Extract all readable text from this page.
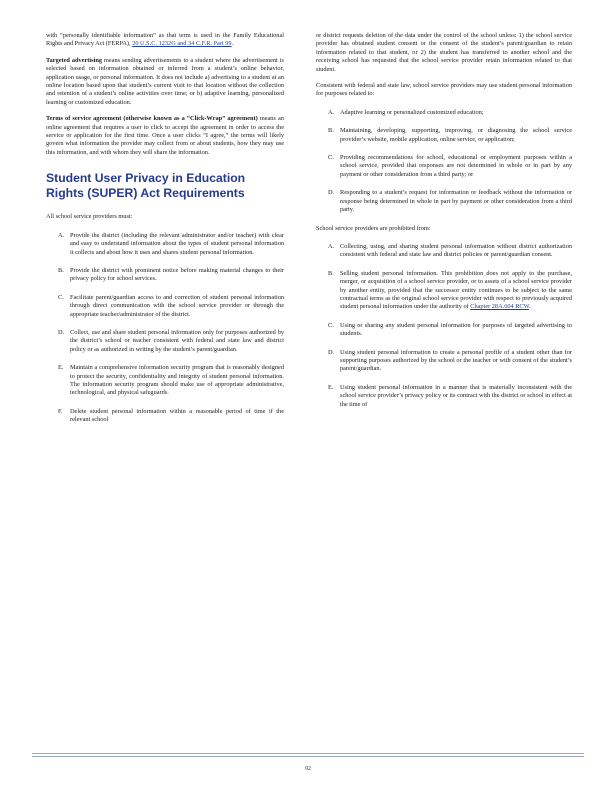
with “personally identifiable information” as that term is used in the Family Educational Rights and Privacy Act (FERPA), 20 U.S.C. 1232G and 34 C.F.R. Part 99.

Targeted advertising means sending advertisements to a student where the advertisement is selected based on information obtained or inferred from a student’s online behavior, application usage, or personal information. It does not include a) advertising to a student at an online location based upon that student’s current visit to that location without the collection and retention of a student’s online activities over time; or b) adaptive learning, personalized learning or customized education.

Terms of service agreement (otherwise known as a “Click-Wrap” agreement) means an online agreement that requires a user to click to accept the agreement in order to access the service or application for the first time. Once a user clicks “I agree,” the terms will likely govern what information the provider may collect from or about students, how they may use this information, and with whom they will share the information.

Student User Privacy in Education Rights (SUPER) Act Requirements

All school service providers must:

A. Provide the district (including the relevant administrator and/or teacher) with clear and easy to understand information about the types of student personal information it collects and about how it uses and shares student personal information.
B. Provide the district with prominent notice before making material changes to their privacy policy for school services.
C. Facilitate parent/guardian access to and correction of student personal information through direct communication with the school service provider or through the appropriate teacher/administrator of the district.
D. Collect, use and share student personal information only for purposes authorized by the district’s school or teacher consistent with federal and state law and district policy or as authorized in writing by the student’s parent/guardian.
E. Maintain a comprehensive information security program that is reasonably designed to protect the security, confidentiality and integrity of student personal information. The information security program should make use of appropriate administrative, technological, and physical safeguards.
F. Delete student personal information within a reasonable period of time if the relevant school

or district requests deletion of the data under the control of the school unless: 1) the school service provider has obtained student consent or the consent of the student’s parent/guardian to retain information related to that student, or 2) the student has transferred to another school and the receiving school has requested that the school service provider retain information related to that student.

Consistent with federal and state law, school service providers may use student personal information for purposes related to:

A. Adaptive learning or personalized customized education;
B. Maintaining, developing, supporting, improving, or diagnosing the school service provider’s website, mobile application, online service, or application;
C. Providing recommendations for school, educational or employment purposes within a school service, provided that responses are not determined in whole or in part by any payment or other consideration from a third party; or
D. Responding to a student’s request for information or feedback without the information or response being determined in whole in part by payment or other consideration from a third party.

School service providers are prohibited from:

A. Collecting, using, and sharing student personal information without district authorization consistent with federal and state law and district policies or parent/guardian consent.
B. Selling student personal information. This prohibition does not apply to the purchase, merger, or acquisition of a school service provider, or to assets of a school service provider by another entity, provided that the successor entity continues to be subject to the same contractual terms as the original school service provider with respect to previously acquired student personal information under the authority of Chapter 28A.604 RCW.
C. Using or sharing any student personal information for purposes of targeted advertising to students.
D. Using student personal information to create a personal profile of a student other than for supporting purposes authorized by the school or the teacher or with consent of the student’s parent/guardian.
E. Using student personal information in a manner that is materially inconsistent with the school service provider’s privacy policy or its contract with the district or school in effect at the time of
92
